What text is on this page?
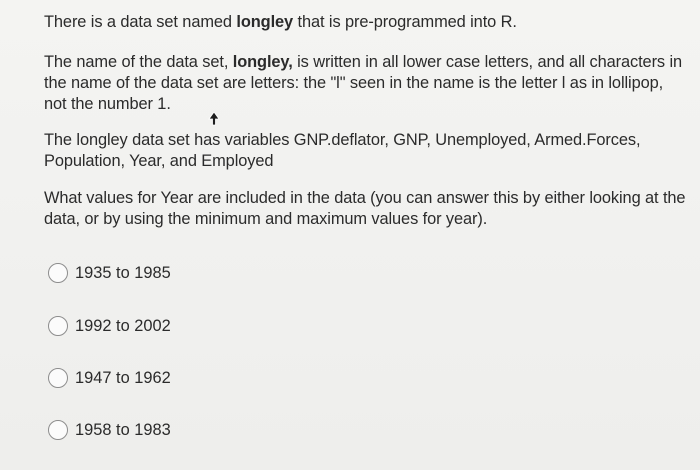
There is a data set named longley that is pre-programmed into R.

The name of the data set, longley, is written in all lower case letters, and all characters in the name of the data set are letters: the "l" seen in the name is the letter l as in lollipop, not the number 1.

The longley data set has variables GNP.deflator, GNP, Unemployed, Armed.Forces, Population, Year, and Employed

What values for Year are included in the data (you can answer this by either looking at the data, or by using the minimum and maximum values for year).

1935 to 1985
1992 to 2002
1947 to 1962
1958 to 1983
